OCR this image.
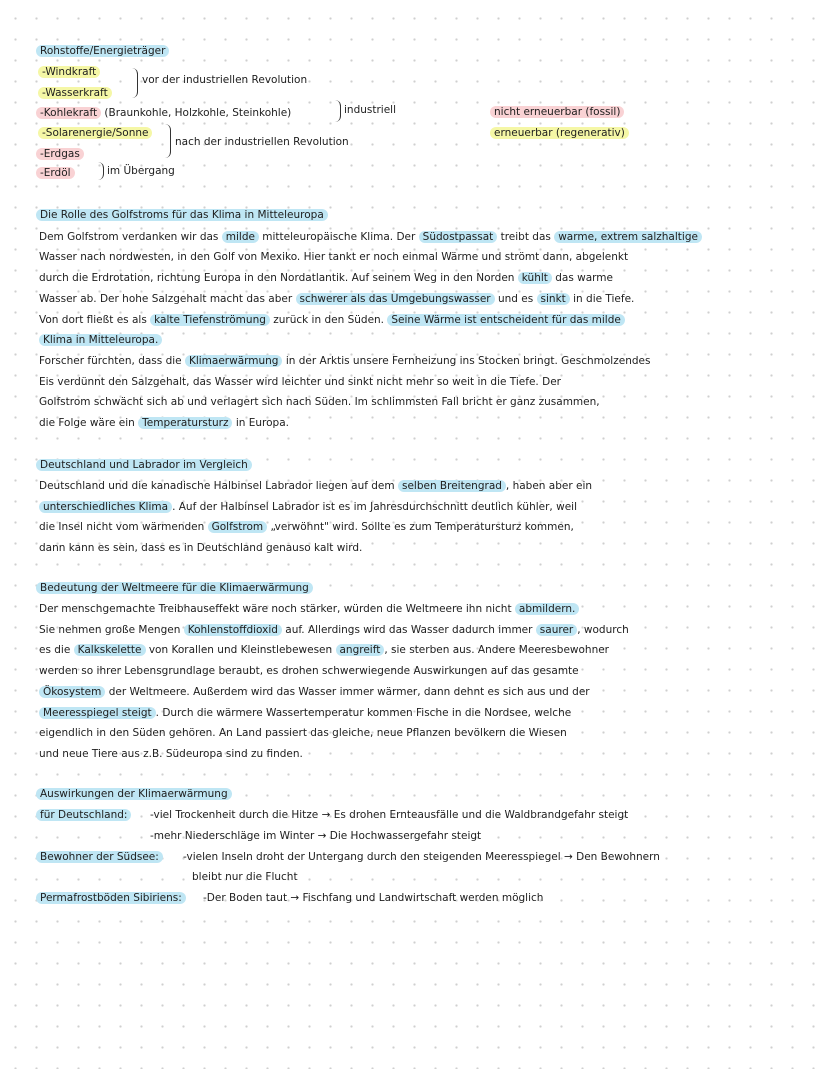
Rohstoffe/Energieträger
-Windkraft
-Wasserkraft
vor der industriellen Revolution
-Kohlekraft (Braunkohle, Holzkohle, Steinkohle)	industriell
-Solarenergie/Sonne
nach der industriellen Revolution
-Erdgas
-Erdöl	im Übergang
nicht erneuerbar (fossil)
erneuerbar (regenerativ)
Die Rolle des Golfstroms für das Klima in Mitteleuropa
Dem Golfstrom verdanken wir das milde mitteleuropäische Klima. Der Südostpassat treibt das warme, extrem salzhaltige
Wasser nach nordwesten, in den Golf von Mexiko. Hier tankt er noch einmal Wärme und strömt dann, abgelenkt
durch die Erdrotation, richtung Europa in den Nordatlantik. Auf seinem Weg in den Norden kühlt das warme
Wasser ab. Der hohe Salzgehalt macht das aber schwerer als das Umgebungswasser und es sinkt in die Tiefe.
Von dort fließt es als kalte Tiefenströmung zurück in den Süden. Seine Wärme ist entscheident für das milde
Klima in Mitteleuropa.
Forscher fürchten, dass die Klimaerwärmung in der Arktis unsere Fernheizung ins Stocken bringt. Geschmolzendes
Eis verdünnt den Salzgehalt, das Wasser wird leichter und sinkt nicht mehr so weit in die Tiefe. Der
Golfstrom schwächt sich ab und verlagert sich nach Süden. Im schlimmsten Fall bricht er ganz zusammen,
die Folge wäre ein Temperatursturz in Europa.
Deutschland und Labrador im Vergleich
Deutschland und die kanadische Halbinsel Labrador liegen auf dem selben Breitengrad , haben aber ein
unterschiedliches Klima . Auf der Halbinsel Labrador ist es im Jahresdurchschnitt deutlich kühler, weil
die Insel nicht vom wärmenden Golfstrom „verwöhnt" wird. Sollte es zum Temperatursturz kommen,
dann kann es sein, dass es in Deutschland genauso kalt wird.
Bedeutung der Weltmeere für die Klimaerwärmung
Der menschgemachte Treibhauseffekt wäre noch stärker, würden die Weltmeere ihn nicht abmildern.
Sie nehmen große Mengen Kohlenstoffdioxid auf. Allerdings wird das Wasser dadurch immer saurer , wodurch
es die Kalkskelette von Korallen und Kleinstlebewesen angreift , sie sterben aus. Andere Meeresbewohner
werden so ihrer Lebensgrundlage beraubt, es drohen schwerwiegende Auswirkungen auf das gesamte
Ökosystem der Weltmeere. Außerdem wird das Wasser immer wärmer, dann dehnt es sich aus und der
Meeresspiegel steigt . Durch die wärmere Wassertemperatur kommen Fische in die Nordsee, welche
eigendlich in den Süden gehören. An Land passiert das gleiche, neue Pflanzen bevölkern die Wiesen
und neue Tiere aus z.B. Südeuropa sind zu finden.
Auswirkungen der Klimaerwärmung
für Deutschland:	-viel Trockenheit durch die Hitze → Es drohen Ernteausfälle und die Waldbrandgefahr steigt
-mehr Niederschläge im Winter → Die Hochwassergefahr steigt
Bewohner der Südsee:	-vielen Inseln droht der Untergang durch den steigenden Meeresspiegel → Den Bewohnern
bleibt nur die Flucht
Permafrostböden Sibiriens:	-Der Boden taut → Fischfang und Landwirtschaft werden möglich
